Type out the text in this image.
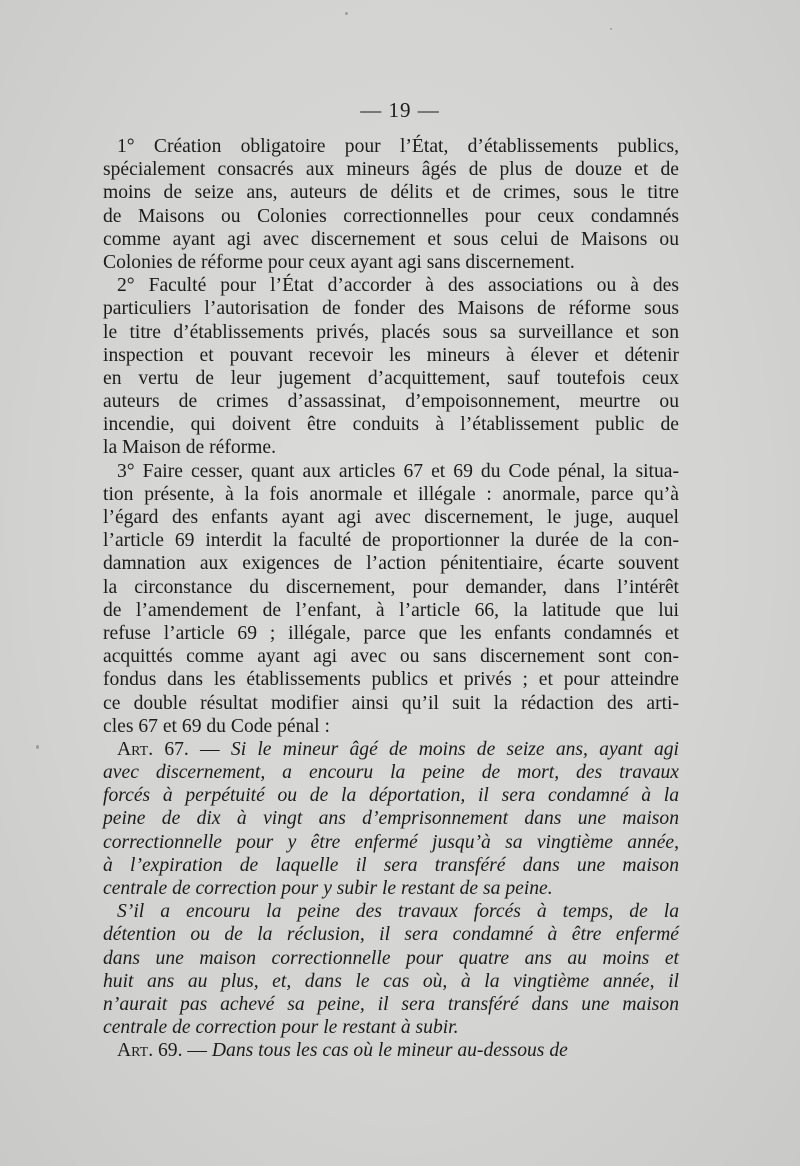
— 19 —
1° Création obligatoire pour l’État, d’établissements publics,
spécialement consacrés aux mineurs âgés de plus de douze et de
moins de seize ans, auteurs de délits et de crimes, sous le titre
de Maisons ou Colonies correctionnelles pour ceux condamnés
comme ayant agi avec discernement et sous celui de Maisons ou
Colonies de réforme pour ceux ayant agi sans discernement.
2° Faculté pour l’État d’accorder à des associations ou à des
particuliers l’autorisation de fonder des Maisons de réforme sous
le titre d’établissements privés, placés sous sa surveillance et son
inspection et pouvant recevoir les mineurs à élever et détenir
en vertu de leur jugement d’acquittement, sauf toutefois ceux
auteurs de crimes d’assassinat, d’empoisonnement, meurtre ou
incendie, qui doivent être conduits à l’établissement public de
la Maison de réforme.
3° Faire cesser, quant aux articles 67 et 69 du Code pénal, la situa-
tion présente, à la fois anormale et illégale : anormale, parce qu’à
l’égard des enfants ayant agi avec discernement, le juge, auquel
l’article 69 interdit la faculté de proportionner la durée de la con-
damnation aux exigences de l’action pénitentiaire, écarte souvent
la circonstance du discernement, pour demander, dans l’intérêt
de l’amendement de l’enfant, à l’article 66, la latitude que lui
refuse l’article 69 ; illégale, parce que les enfants condamnés et
acquittés comme ayant agi avec ou sans discernement sont con-
fondus dans les établissements publics et privés ; et pour atteindre
ce double résultat modifier ainsi qu’il suit la rédaction des arti-
cles 67 et 69 du Code pénal :
Art. 67. — Si le mineur âgé de moins de seize ans, ayant agi
avec discernement, a encouru la peine de mort, des travaux
forcés à perpétuité ou de la déportation, il sera condamné à la
peine de dix à vingt ans d’emprisonnement dans une maison
correctionnelle pour y être enfermé jusqu’à sa vingtième année,
à l’expiration de laquelle il sera transféré dans une maison
centrale de correction pour y subir le restant de sa peine.
S’il a encouru la peine des travaux forcés à temps, de la
détention ou de la réclusion, il sera condamné à être enfermé
dans une maison correctionnelle pour quatre ans au moins et
huit ans au plus, et, dans le cas où, à la vingtième année, il
n’aurait pas achevé sa peine, il sera transféré dans une maison
centrale de correction pour le restant à subir.
Art. 69. — Dans tous les cas où le mineur au-dessous de
